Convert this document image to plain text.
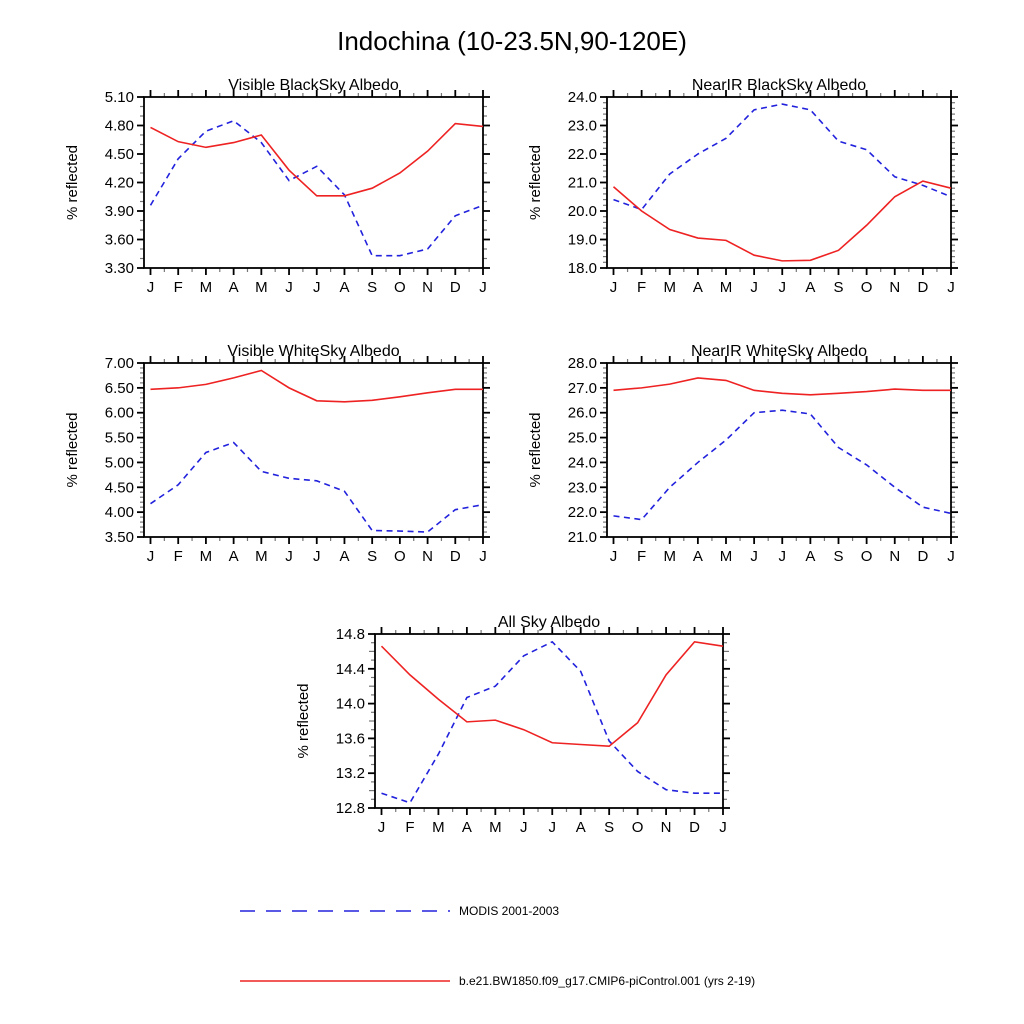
Indochina (10-23.5N,90-120E)
Visible BlackSky Albedo
% reflected
3.30
3.60
3.90
4.20
4.50
4.80
5.10
J F M A M J J A S O N D J
NearIR BlackSky Albedo
% reflected
18.0
19.0
20.0
21.0
22.0
23.0
24.0
J F M A M J J A S O N D J
Visible WhiteSky Albedo
% reflected
3.50
4.00
4.50
5.00
5.50
6.00
6.50
7.00
J F M A M J J A S O N D J
NearIR WhiteSky Albedo
% reflected
21.0
22.0
23.0
24.0
25.0
26.0
27.0
28.0
J F M A M J J A S O N D J
All Sky Albedo
% reflected
12.8
13.2
13.6
14.0
14.4
14.8
J F M A M J J A S O N D J
MODIS 2001-2003
b.e21.BW1850.f09_g17.CMIP6-piControl.001 (yrs 2-19)
